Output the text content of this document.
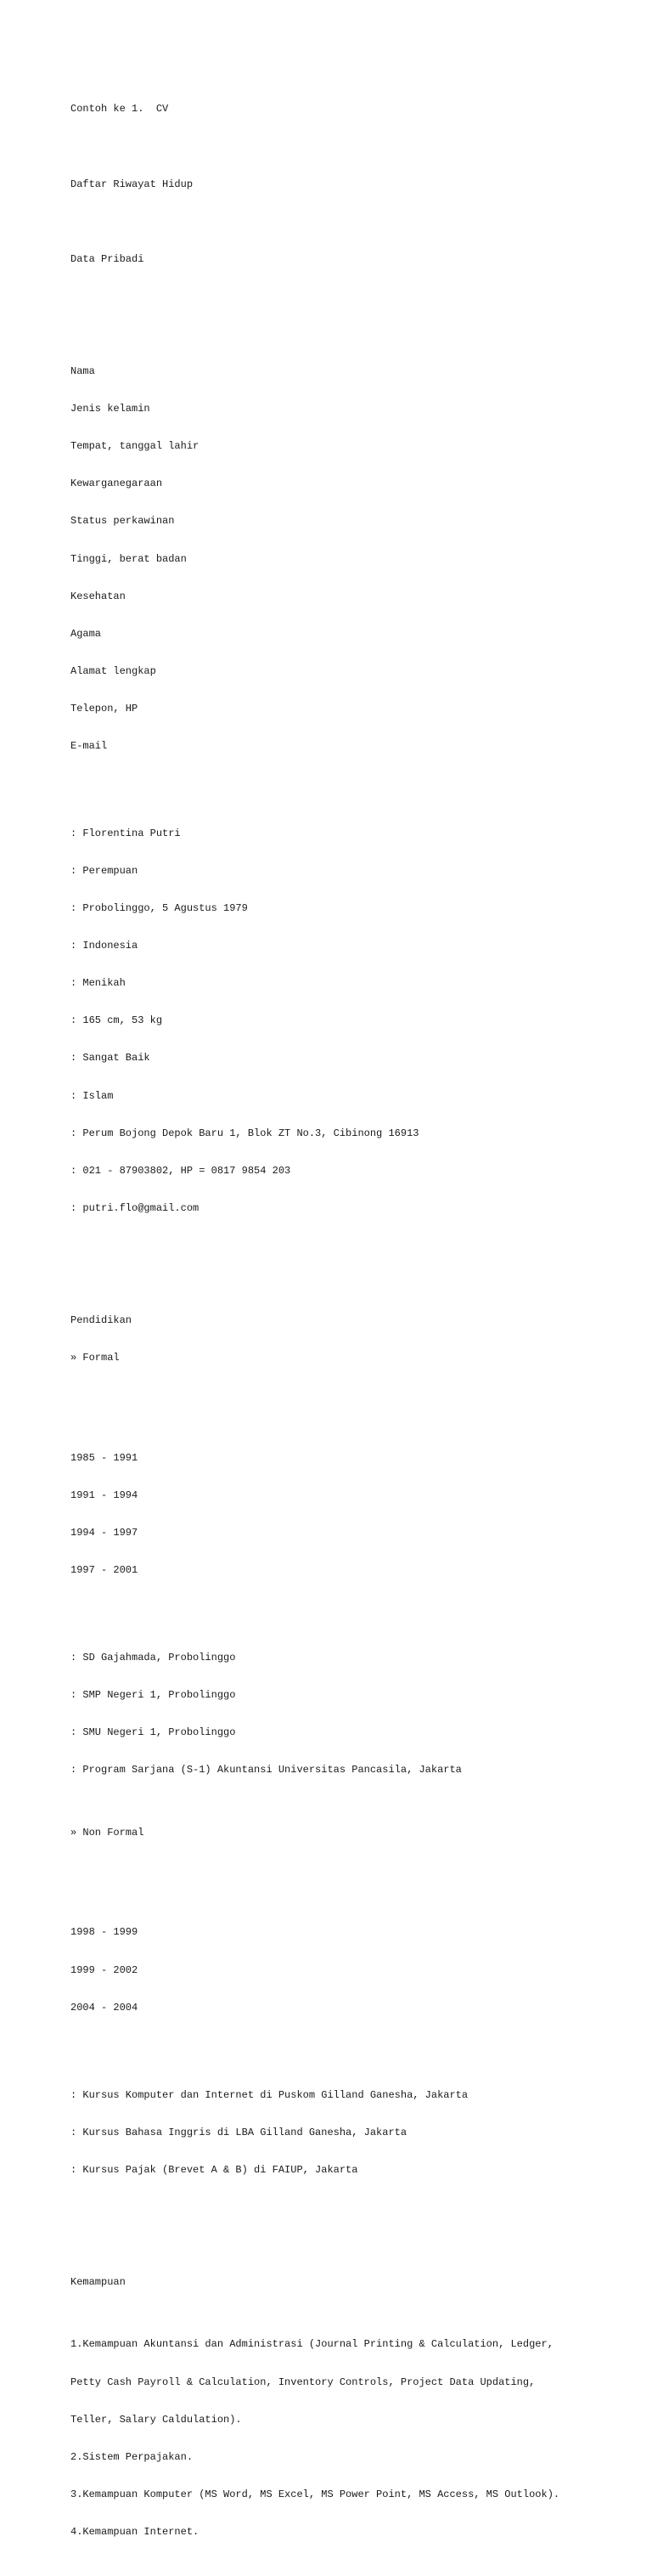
Contoh ke 1.  CV

Daftar Riwayat Hidup

Data Pribadi

Nama

Jenis kelamin

Tempat, tanggal lahir

Kewarganegaraan

Status perkawinan

Tinggi, berat badan

Kesehatan

Agama

Alamat lengkap

Telepon, HP

E-mail

: Florentina Putri

: Perempuan

: Probolinggo, 5 Agustus 1979

: Indonesia

: Menikah

: 165 cm, 53 kg

: Sangat Baik

: Islam

: Perum Bojong Depok Baru 1, Blok ZT No.3, Cibinong 16913

: 021 - 87903802, HP = 0817 9854 203

: putri.flo@gmail.com

Pendidikan

» Formal

1985 - 1991

1991 - 1994

1994 - 1997

1997 - 2001

: SD Gajahmada, Probolinggo

: SMP Negeri 1, Probolinggo

: SMU Negeri 1, Probolinggo

: Program Sarjana (S-1) Akuntansi Universitas Pancasila, Jakarta

» Non Formal

1998 - 1999

1999 - 2002

2004 - 2004

: Kursus Komputer dan Internet di Puskom Gilland Ganesha, Jakarta

: Kursus Bahasa Inggris di LBA Gilland Ganesha, Jakarta

: Kursus Pajak (Brevet A & B) di FAIUP, Jakarta

Kemampuan

1.Kemampuan Akuntansi dan Administrasi (Journal Printing & Calculation, Ledger,

Petty Cash Payroll & Calculation, Inventory Controls, Project Data Updating,

Teller, Salary Caldulation).

2.Sistem Perpajakan.

3.Kemampuan Komputer (MS Word, MS Excel, MS Power Point, MS Access, MS Outlook).

4.Kemampuan Internet.
